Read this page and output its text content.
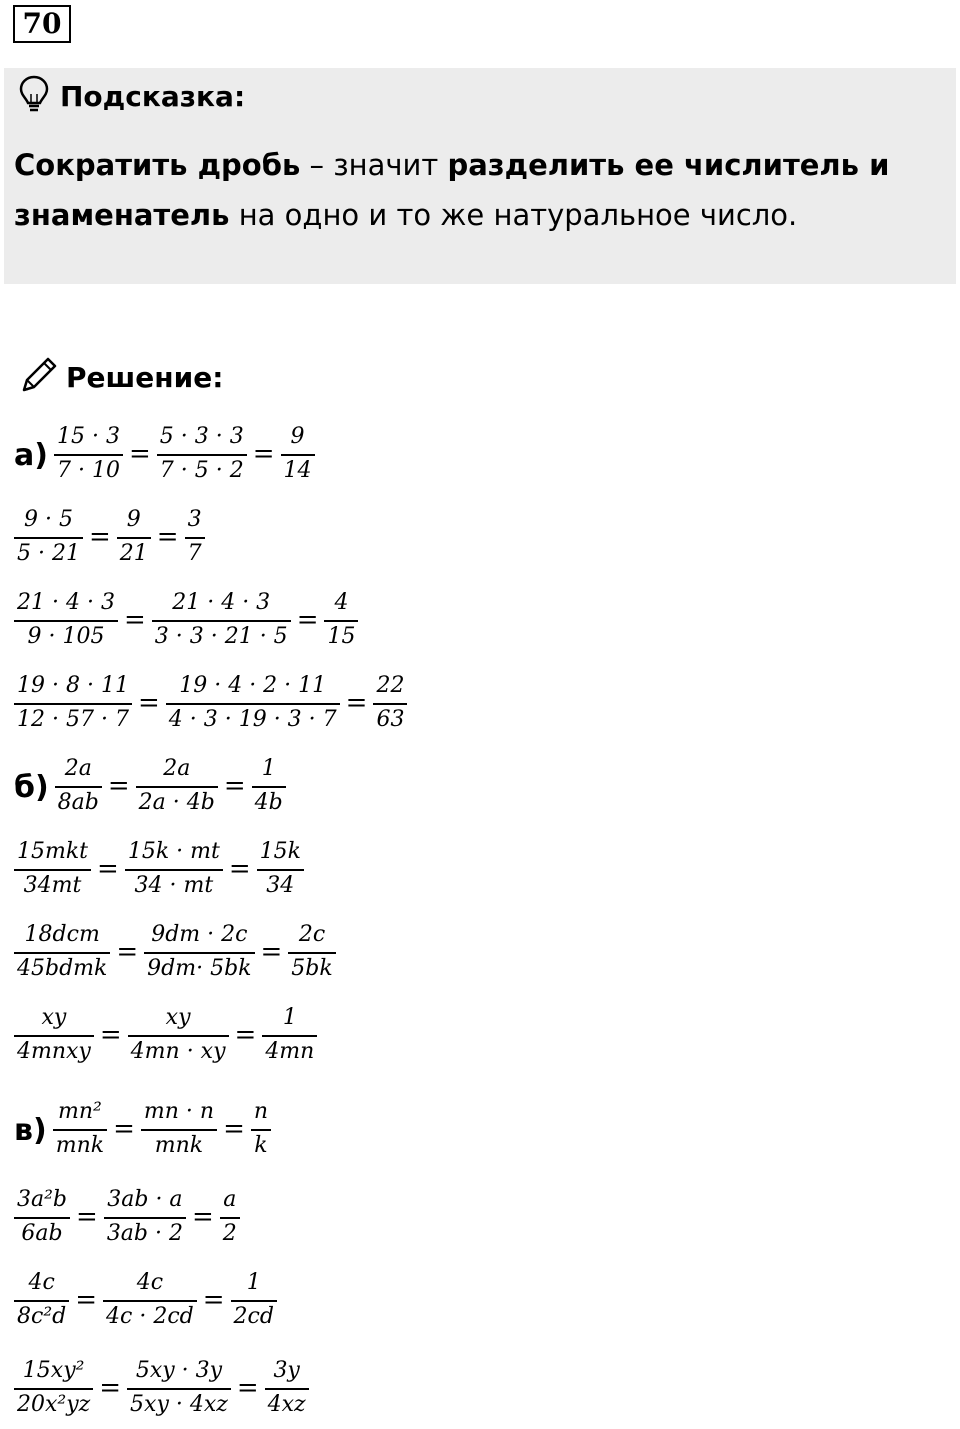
70
Подсказка:
Сократить дробь – значит разделить ее числитель и знаменатель на одно и то же натуральное число.
Решение:
$а) \frac{15 \cdot 3}{7 \cdot 10} = \frac{5 \cdot 3 \cdot 3}{7 \cdot 5 \cdot 2} = \frac{9}{14}$
$\frac{9 \cdot 5}{5 \cdot 21} = \frac{9}{21} = \frac{3}{7}$
$\frac{21 \cdot 4 \cdot 3}{9 \cdot 105} = \frac{21 \cdot 4 \cdot 3}{3 \cdot 3 \cdot 21 \cdot 5} = \frac{4}{15}$
$\frac{19 \cdot 8 \cdot 11}{12 \cdot 57 \cdot 7} = \frac{19 \cdot 4 \cdot 2 \cdot 11}{4 \cdot 3 \cdot 19 \cdot 3 \cdot 7} = \frac{22}{63}$
$б) \frac{2a}{8ab} = \frac{2a}{2a \cdot 4b} = \frac{1}{4b}$
$\frac{\text{15mkt}}{34mt} = \frac{15k \cdot mt}{34 \cdot mt} = \frac{15k}{34}$
$\frac{\text{18dcm}}{\text{45bdmk}} = \frac{9dm \cdot 2c}{9dm\cdot 5bk} = \frac{2c}{5bk}$
$\frac{xy}{\text{4mnxy}} = \frac{xy}{4mn \cdot xy} = \frac{1}{4mn}$
$в) \frac{\text{mn²}}{\text{mnk}} = \frac{mn \cdot n}{\text{mnk}} = \frac{n}{k}$
$\frac{\text{3a²b}}{6ab} = \frac{3ab \cdot a}{3ab \cdot 2} = \frac{a}{2}$
$\frac{4c}{\text{8c²d}} = \frac{4c}{4c \cdot 2cd} = \frac{1}{2cd}$
$\frac{\text{15xy²}}{\text{20x²yz}} = \frac{5xy \cdot 3y}{5xy \cdot 4xz} = \frac{3y}{4xz}$
